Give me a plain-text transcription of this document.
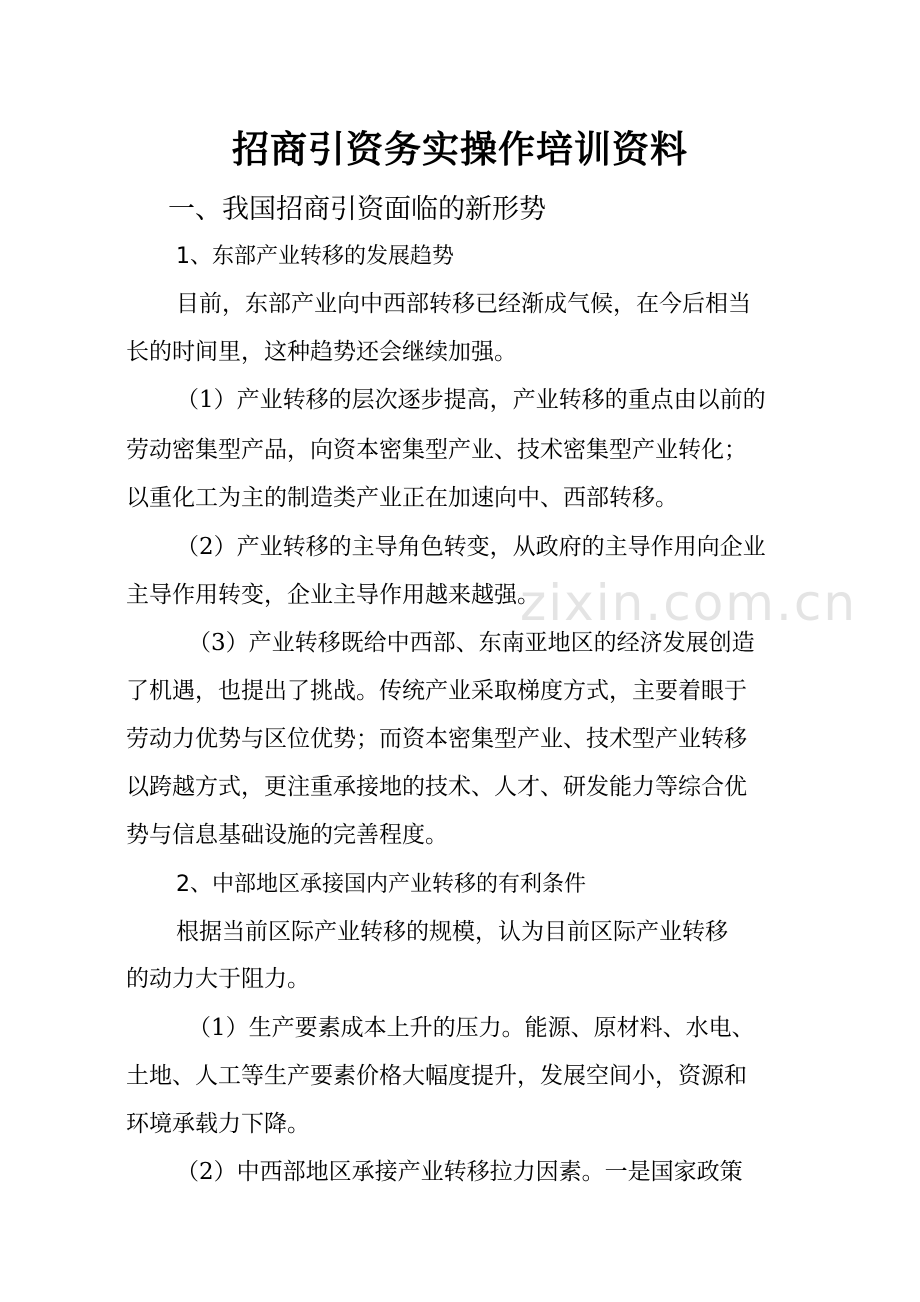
zixin.com.cn
招商引资务实操作培训资料
一、我国招商引资面临的新形势
1、东部产业转移的发展趋势
目前，东部产业向中西部转移已经渐成气候，在今后相当
长的时间里，这种趋势还会继续加强。
（1）产业转移的层次逐步提高，产业转移的重点由以前的
劳动密集型产品，向资本密集型产业、技术密集型产业转化；
以重化工为主的制造类产业正在加速向中、西部转移。
（2）产业转移的主导角色转变，从政府的主导作用向企业
主导作用转变，企业主导作用越来越强。
（3）产业转移既给中西部、东南亚地区的经济发展创造
了机遇，也提出了挑战。传统产业采取梯度方式，主要着眼于
劳动力优势与区位优势；而资本密集型产业、技术型产业转移
以跨越方式，更注重承接地的技术、人才、研发能力等综合优
势与信息基础设施的完善程度。
2、中部地区承接国内产业转移的有利条件
根据当前区际产业转移的规模，认为目前区际产业转移
的动力大于阻力。
（1）生产要素成本上升的压力。能源、原材料、水电、
土地、人工等生产要素价格大幅度提升，发展空间小，资源和
环境承载力下降。
（2）中西部地区承接产业转移拉力因素。一是国家政策
